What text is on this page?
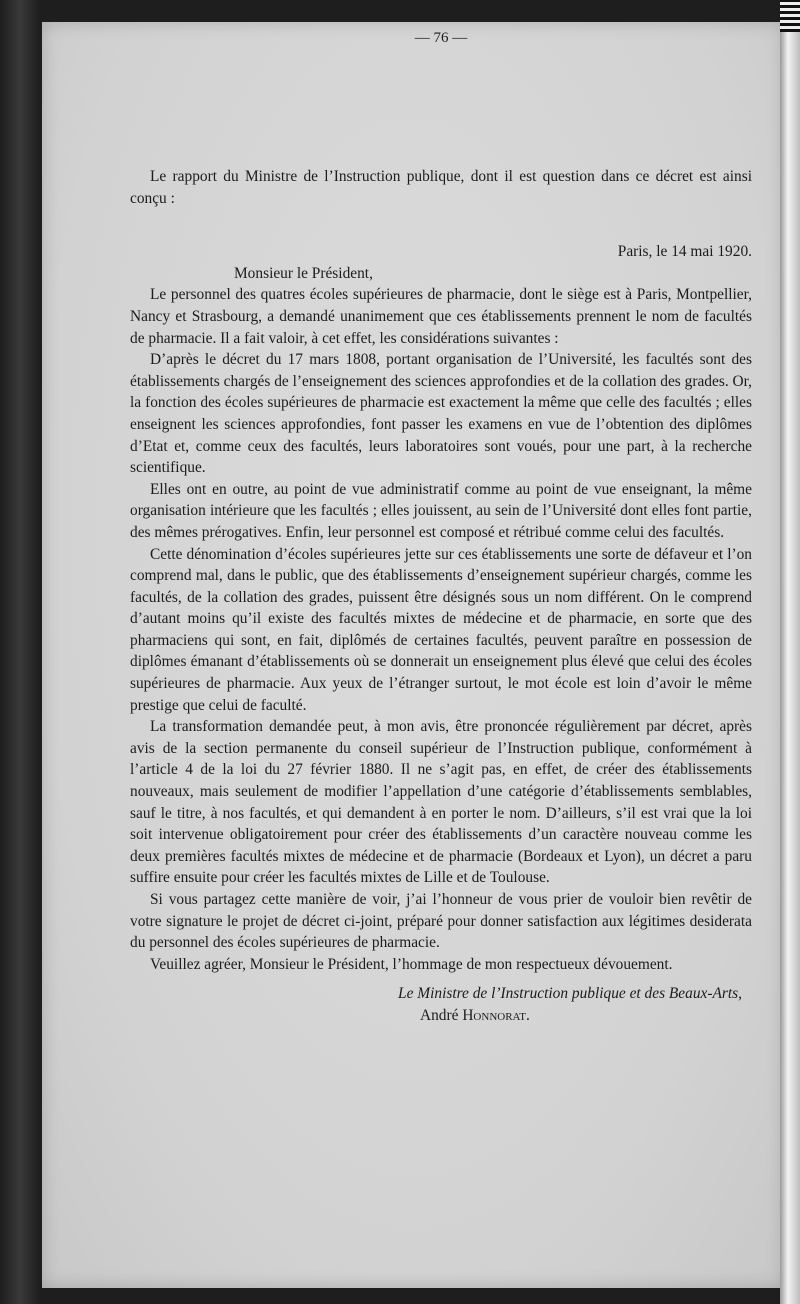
— 76 —

Le rapport du Ministre de l’Instruction publique, dont il est question dans ce décret est ainsi conçu :

Paris, le 14 mai 1920.

Monsieur le Président,

Le personnel des quatres écoles supérieures de pharmacie, dont le siège est à Paris, Montpellier, Nancy et Strasbourg, a demandé unanimement que ces établissements prennent le nom de facultés de pharmacie. Il a fait valoir, à cet effet, les considérations suivantes :

D’après le décret du 17 mars 1808, portant organisation de l’Université, les facultés sont des établissements chargés de l’enseignement des sciences approfondies et de la collation des grades. Or, la fonction des écoles supérieures de pharmacie est exactement la même que celle des facultés ; elles enseignent les sciences approfondies, font passer les examens en vue de l’obtention des diplômes d’Etat et, comme ceux des facultés, leurs laboratoires sont voués, pour une part, à la recherche scientifique.

Elles ont en outre, au point de vue administratif comme au point de vue enseignant, la même organisation intérieure que les facultés ; elles jouissent, au sein de l’Université dont elles font partie, des mêmes prérogatives. Enfin, leur personnel est composé et rétribué comme celui des facultés.

Cette dénomination d’écoles supérieures jette sur ces établissements une sorte de défaveur et l’on comprend mal, dans le public, que des établissements d’enseignement supérieur chargés, comme les facultés, de la collation des grades, puissent être désignés sous un nom différent. On le comprend d’autant moins qu’il existe des facultés mixtes de médecine et de pharmacie, en sorte que des pharmaciens qui sont, en fait, diplômés de certaines facultés, peuvent paraître en possession de diplômes émanant d’établissements où se donnerait un enseignement plus élevé que celui des écoles supérieures de pharmacie. Aux yeux de l’étranger surtout, le mot école est loin d’avoir le même prestige que celui de faculté.

La transformation demandée peut, à mon avis, être prononcée régulièrement par décret, après avis de la section permanente du conseil supérieur de l’Instruction publique, conformément à l’article 4 de la loi du 27 février 1880. Il ne s’agit pas, en effet, de créer des établissements nouveaux, mais seulement de modifier l’appellation d’une catégorie d’établissements semblables, sauf le titre, à nos facultés, et qui demandent à en porter le nom. D’ailleurs, s’il est vrai que la loi soit intervenue obligatoirement pour créer des établissements d’un caractère nouveau comme les deux premières facultés mixtes de médecine et de pharmacie (Bordeaux et Lyon), un décret a paru suffire ensuite pour créer les facultés mixtes de Lille et de Toulouse.

Si vous partagez cette manière de voir, j’ai l’honneur de vous prier de vouloir bien revêtir de votre signature le projet de décret ci-joint, préparé pour donner satisfaction aux légitimes desiderata du personnel des écoles supérieures de pharmacie.

Veuillez agréer, Monsieur le Président, l’hommage de mon respectueux dévouement.

Le Ministre de l’Instruction publique et des Beaux-Arts,

André Honnorat.
